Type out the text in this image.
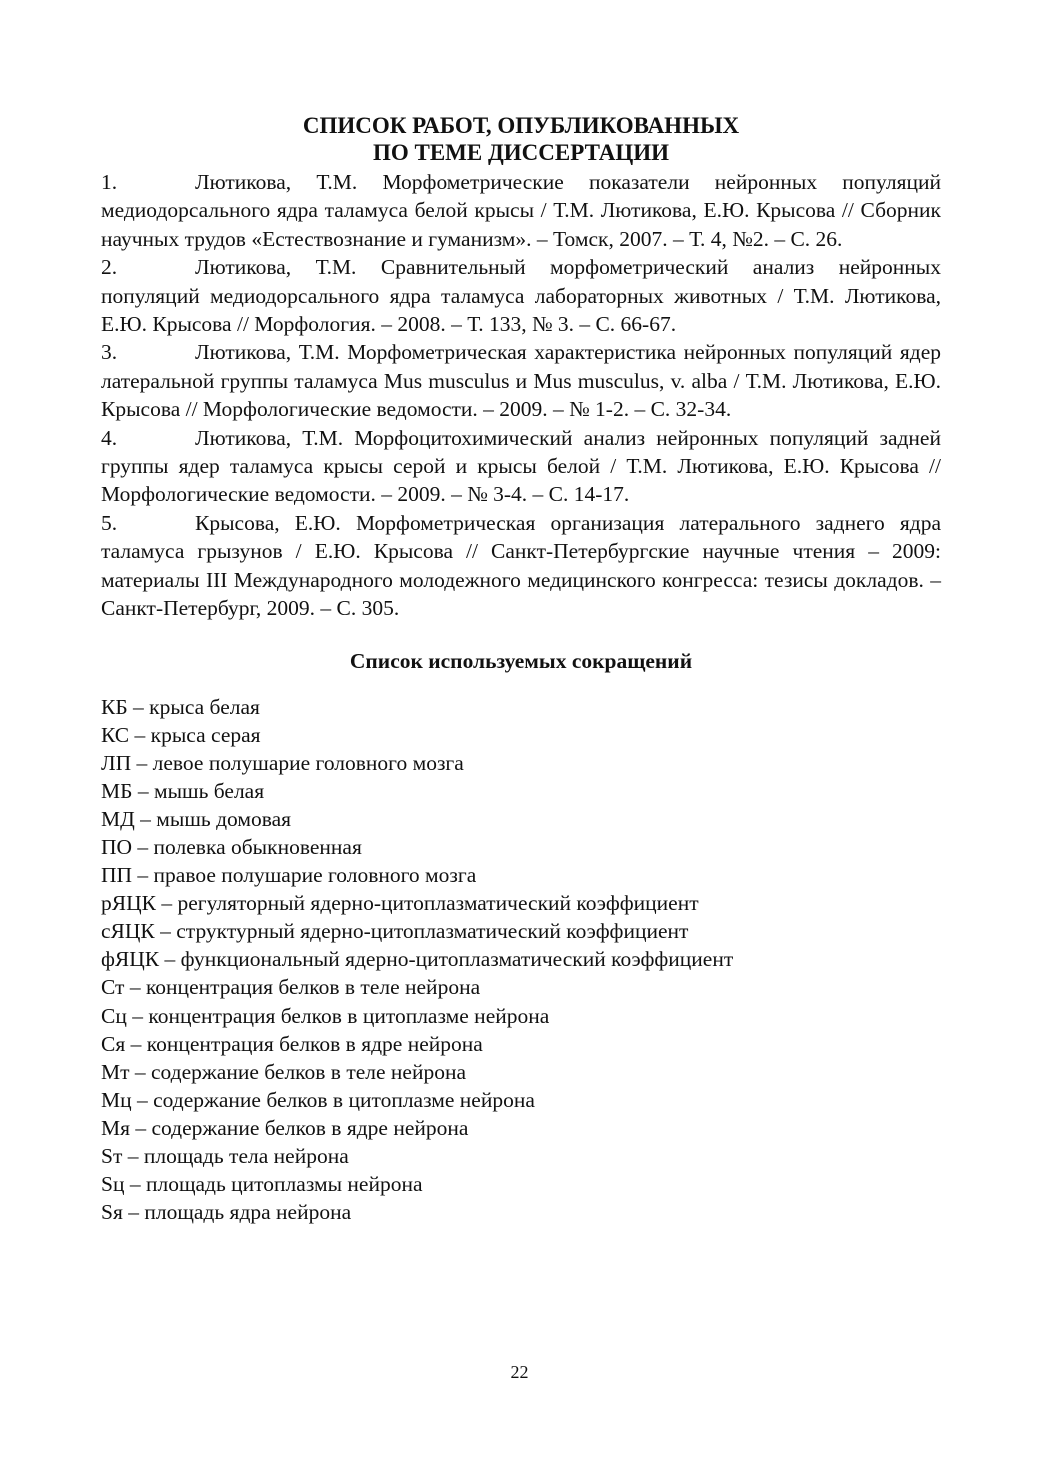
СПИСОК РАБОТ, ОПУБЛИКОВАННЫХ
ПО ТЕМЕ ДИССЕРТАЦИИ

1.	Лютикова, Т.М. Морфометрические показатели нейронных популяций медиодорсального ядра таламуса белой крысы / Т.М. Лютикова, Е.Ю. Крысова // Сборник научных трудов «Естествознание и гуманизм». – Томск, 2007. – Т. 4, №2. – С. 26.

2.	Лютикова, Т.М. Сравнительный морфометрический анализ нейронных популяций медиодорсального ядра таламуса лабораторных животных / Т.М. Лютикова, Е.Ю. Крысова // Морфология. – 2008. – Т. 133, № 3. – С. 66-67.

3.	Лютикова, Т.М. Морфометрическая характеристика нейронных популяций ядер латеральной группы таламуса Mus musculus и Mus musculus, v. alba / Т.М. Лютикова, Е.Ю. Крысова // Морфологические ведомости. – 2009. – № 1-2. – С. 32-34.

4.	Лютикова, Т.М. Морфоцитохимический анализ нейронных популяций задней группы ядер таламуса крысы серой и крысы белой / Т.М. Лютикова, Е.Ю. Крысова // Морфологические ведомости. – 2009. – № 3-4. – С. 14-17.

5.	Крысова, Е.Ю. Морфометрическая организация латерального заднего ядра таламуса грызунов / Е.Ю. Крысова // Санкт-Петербургские научные чтения – 2009: материалы III Международного молодежного медицинского конгресса: тезисы докладов. – Санкт-Петербург, 2009. – С. 305.

Список используемых сокращений
КБ – крыса белая
КС – крыса серая
ЛП – левое полушарие головного мозга
МБ – мышь белая
МД – мышь домовая
ПО – полевка обыкновенная
ПП – правое полушарие головного мозга
рЯЦК – регуляторный ядерно-цитоплазматический коэффициент
сЯЦК – структурный ядерно-цитоплазматический коэффициент
фЯЦК – функциональный ядерно-цитоплазматический коэффициент
Ст – концентрация белков в теле нейрона
Сц – концентрация белков в цитоплазме нейрона
Ся – концентрация белков в ядре нейрона
Мт – содержание белков в теле нейрона
Мц – содержание белков в цитоплазме нейрона
Мя – содержание белков в ядре нейрона
Sт – площадь тела нейрона
Sц – площадь цитоплазмы нейрона
Sя – площадь ядра нейрона
22
